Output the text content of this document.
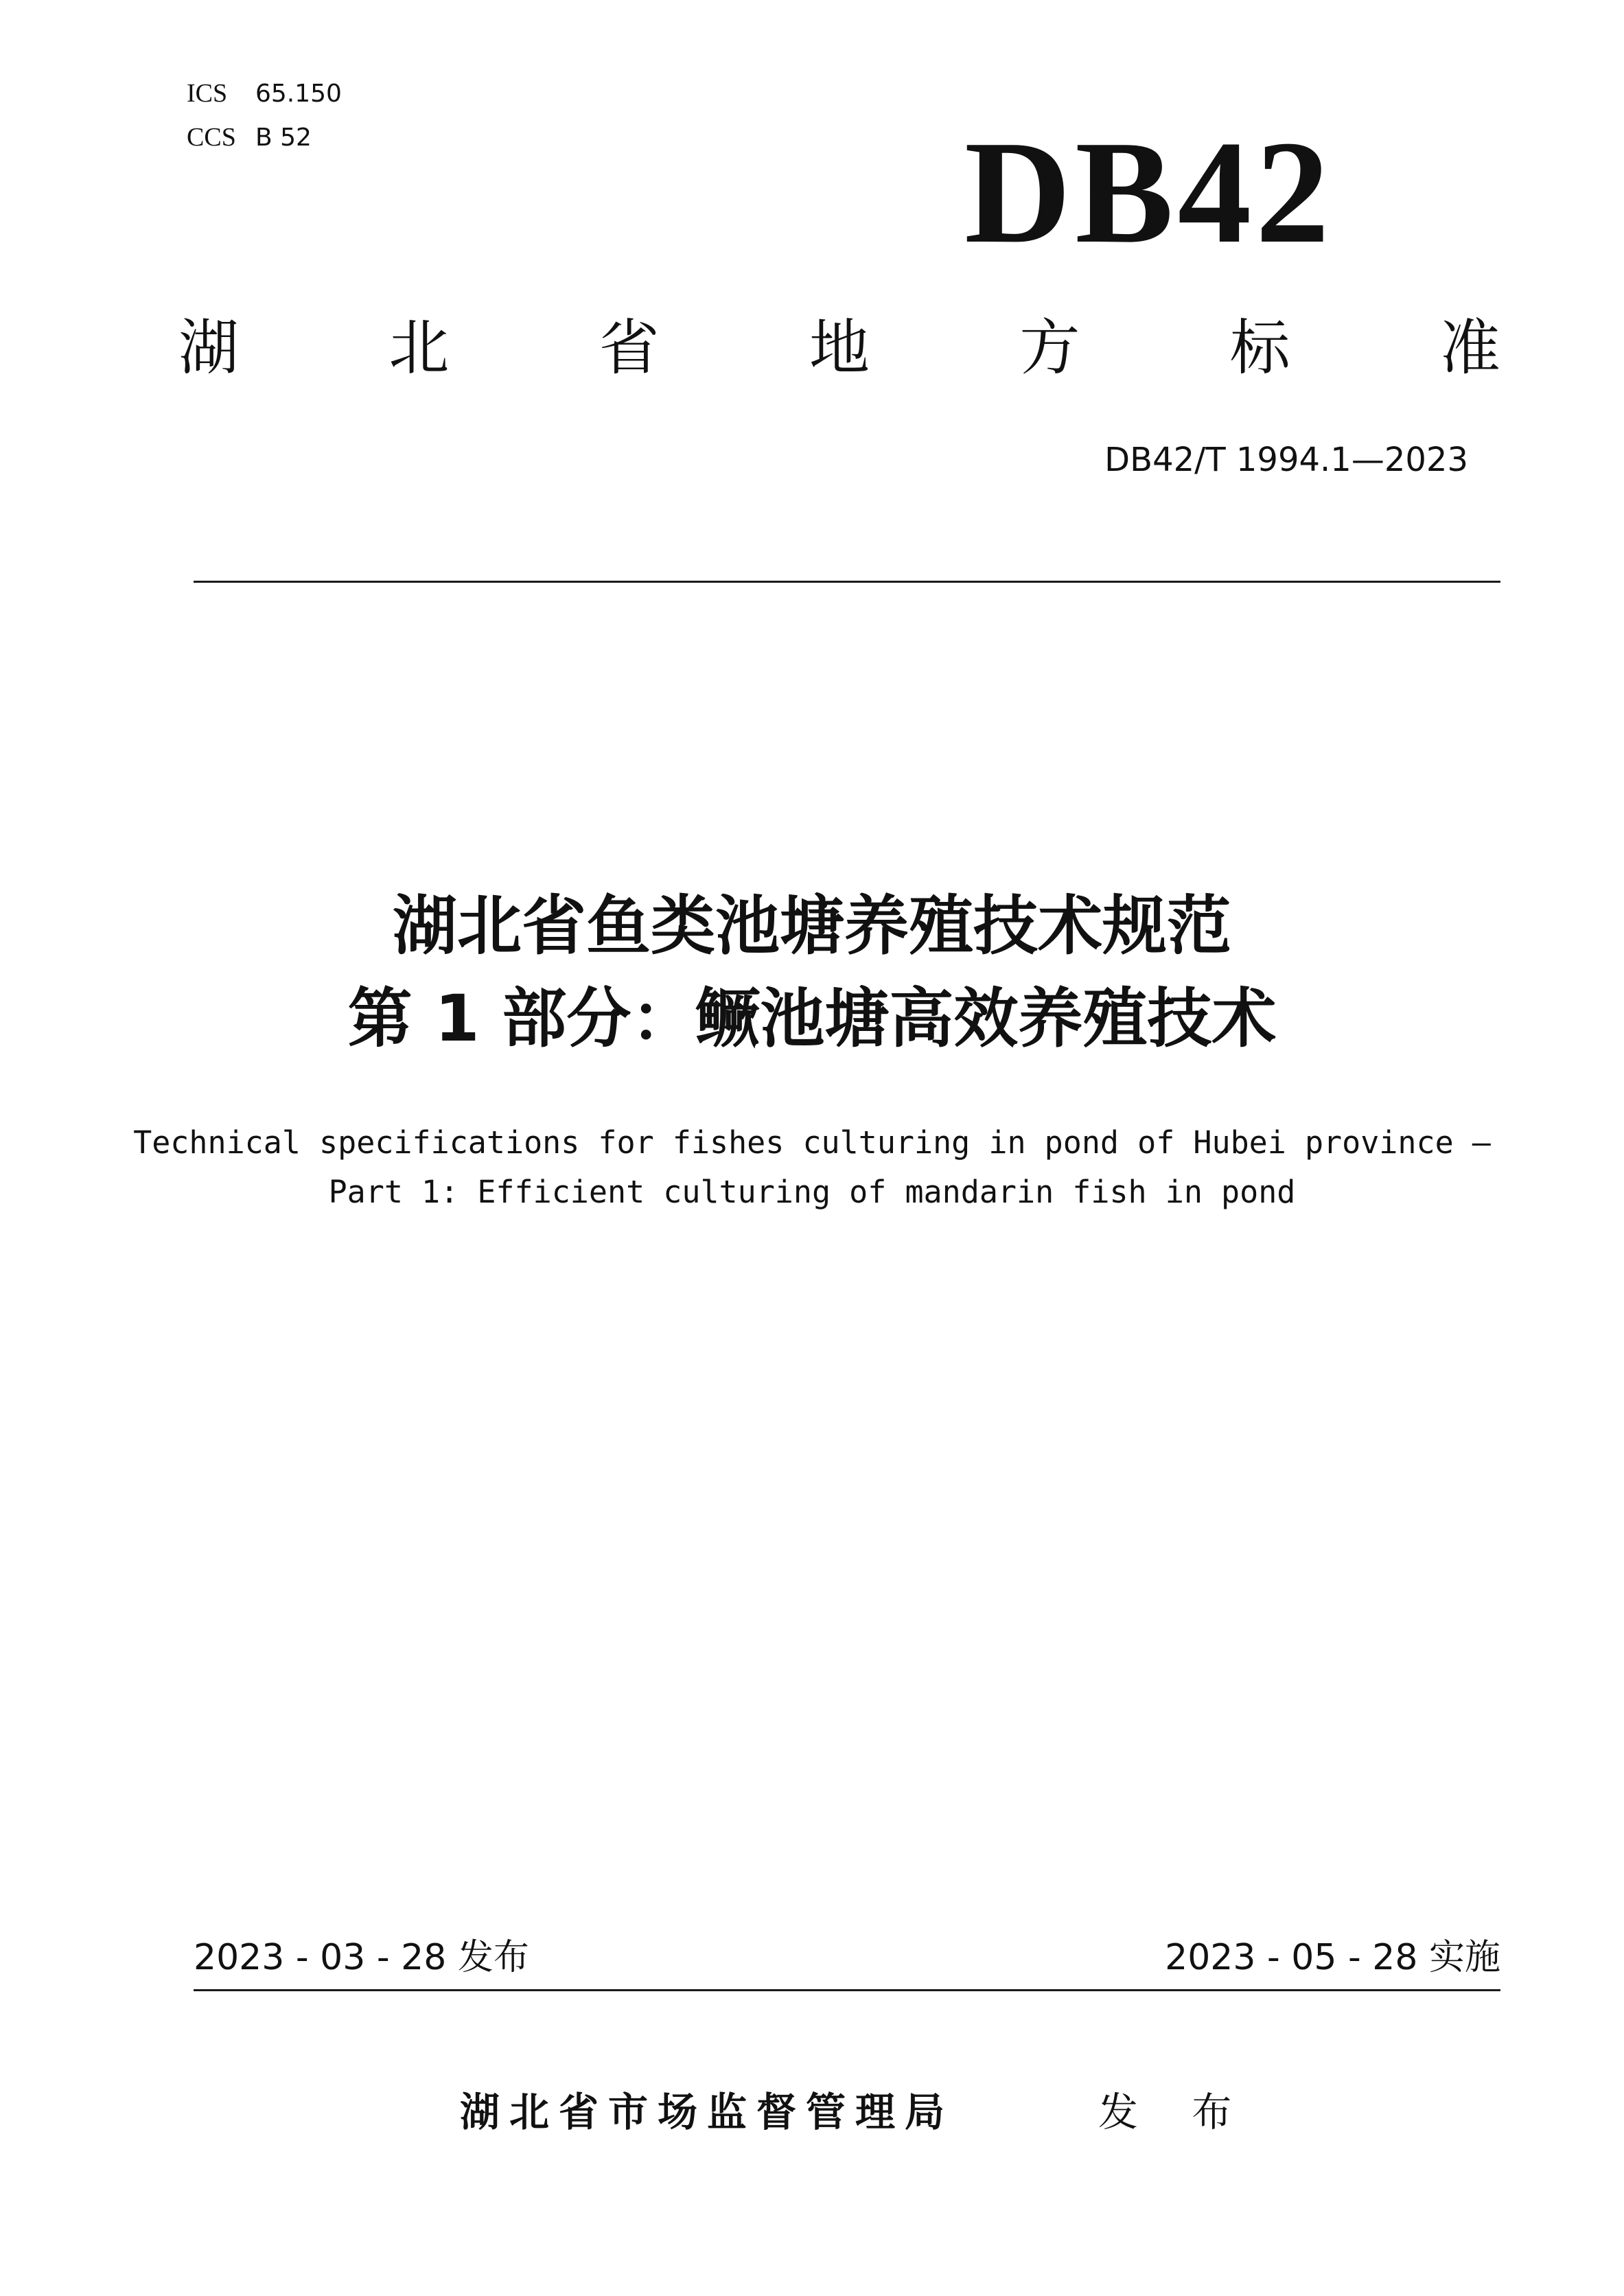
ICS 65.150
CCS B 52	DB42
湖 北 省 地 方 标 准
DB42/T 1994.1—2023
湖北省鱼类池塘养殖技术规范
第 1 部分：鳜池塘高效养殖技术
Technical specifications for fishes culturing in pond of Hubei province —
Part 1: Efficient culturing of mandarin fish in pond
2023 - 03 - 28 发布	2023 - 05 - 28 实施
湖北省市场监督管理局	发 布
